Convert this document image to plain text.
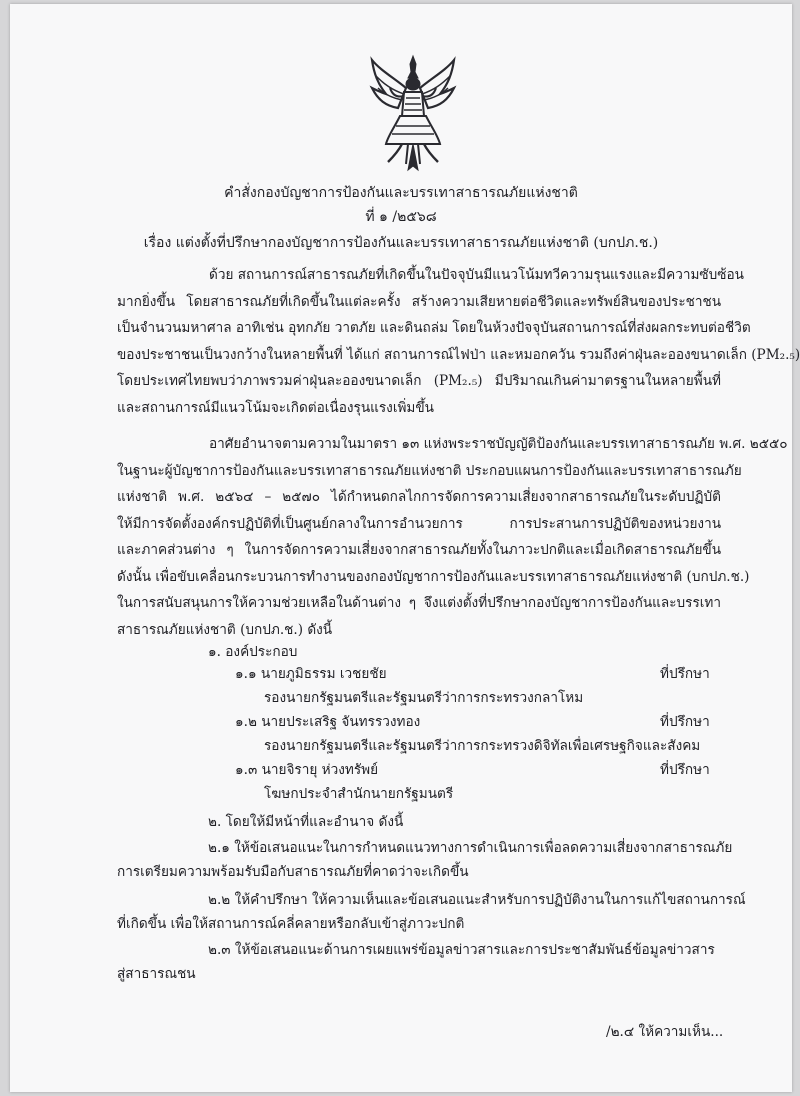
คำสั่งกองบัญชาการป้องกันและบรรเทาสาธารณภัยแห่งชาติ
ที่ ๑ /๒๕๖๘
เรื่อง แต่งตั้งที่ปรึกษากองบัญชาการป้องกันและบรรเทาสาธารณภัยแห่งชาติ (บกปภ.ช.)
ด้วย สถานการณ์สาธารณภัยที่เกิดขึ้นในปัจจุบันมีแนวโน้มทวีความรุนแรงและมีความซับซ้อน
มากยิ่งขึ้น โดยสาธารณภัยที่เกิดขึ้นในแต่ละครั้ง สร้างความเสียหายต่อชีวิตและทรัพย์สินของประชาชน
เป็นจำนวนมหาศาล อาทิเช่น อุทกภัย วาตภัย และดินถล่ม โดยในห้วงปัจจุบันสถานการณ์ที่ส่งผลกระทบต่อชีวิต
ของประชาชนเป็นวงกว้างในหลายพื้นที่ ได้แก่ สถานการณ์ไฟป่า และหมอกควัน รวมถึงค่าฝุ่นละอองขนาดเล็ก (PM₂.₅)
โดยประเทศไทยพบว่าภาพรวมค่าฝุ่นละอองขนาดเล็ก (PM₂.₅) มีปริมาณเกินค่ามาตรฐานในหลายพื้นที่
และสถานการณ์มีแนวโน้มจะเกิดต่อเนื่องรุนแรงเพิ่มขึ้น
อาศัยอำนาจตามความในมาตรา ๑๓ แห่งพระราชบัญญัติป้องกันและบรรเทาสาธารณภัย พ.ศ. ๒๕๕๐
ในฐานะผู้บัญชาการป้องกันและบรรเทาสาธารณภัยแห่งชาติ ประกอบแผนการป้องกันและบรรเทาสาธารณภัย
แห่งชาติ พ.ศ. ๒๕๖๔ – ๒๕๗๐ ได้กำหนดกลไกการจัดการความเสี่ยงจากสาธารณภัยในระดับปฏิบัติ
ให้มีการจัดตั้งองค์กรปฏิบัติที่เป็นศูนย์กลางในการอำนวยการ การประสานการปฏิบัติของหน่วยงาน
และภาคส่วนต่าง ๆ ในการจัดการความเสี่ยงจากสาธารณภัยทั้งในภาวะปกติและเมื่อเกิดสาธารณภัยขึ้น
ดังนั้น เพื่อขับเคลื่อนกระบวนการทำงานของกองบัญชาการป้องกันและบรรเทาสาธารณภัยแห่งชาติ (บกปภ.ช.)
ในการสนับสนุนการให้ความช่วยเหลือในด้านต่าง ๆ จึงแต่งตั้งที่ปรึกษากองบัญชาการป้องกันและบรรเทา
สาธารณภัยแห่งชาติ (บกปภ.ช.) ดังนี้
๑. องค์ประกอบ
๑.๑ นายภูมิธรรม เวชยชัย	ที่ปรึกษา
รองนายกรัฐมนตรีและรัฐมนตรีว่าการกระทรวงกลาโหม
๑.๒ นายประเสริฐ จันทรรวงทอง	ที่ปรึกษา
รองนายกรัฐมนตรีและรัฐมนตรีว่าการกระทรวงดิจิทัลเพื่อเศรษฐกิจและสังคม
๑.๓ นายจิรายุ ห่วงทรัพย์	ที่ปรึกษา
โฆษกประจำสำนักนายกรัฐมนตรี
๒. โดยให้มีหน้าที่และอำนาจ ดังนี้
๒.๑ ให้ข้อเสนอแนะในการกำหนดแนวทางการดำเนินการเพื่อลดความเสี่ยงจากสาธารณภัย
การเตรียมความพร้อมรับมือกับสาธารณภัยที่คาดว่าจะเกิดขึ้น
๒.๒ ให้คำปรึกษา ให้ความเห็นและข้อเสนอแนะสำหรับการปฏิบัติงานในการแก้ไขสถานการณ์
ที่เกิดขึ้น เพื่อให้สถานการณ์คลี่คลายหรือกลับเข้าสู่ภาวะปกติ
๒.๓ ให้ข้อเสนอแนะด้านการเผยแพร่ข้อมูลข่าวสารและการประชาสัมพันธ์ข้อมูลข่าวสาร
สู่สาธารณชน
/๒.๔ ให้ความเห็น...
